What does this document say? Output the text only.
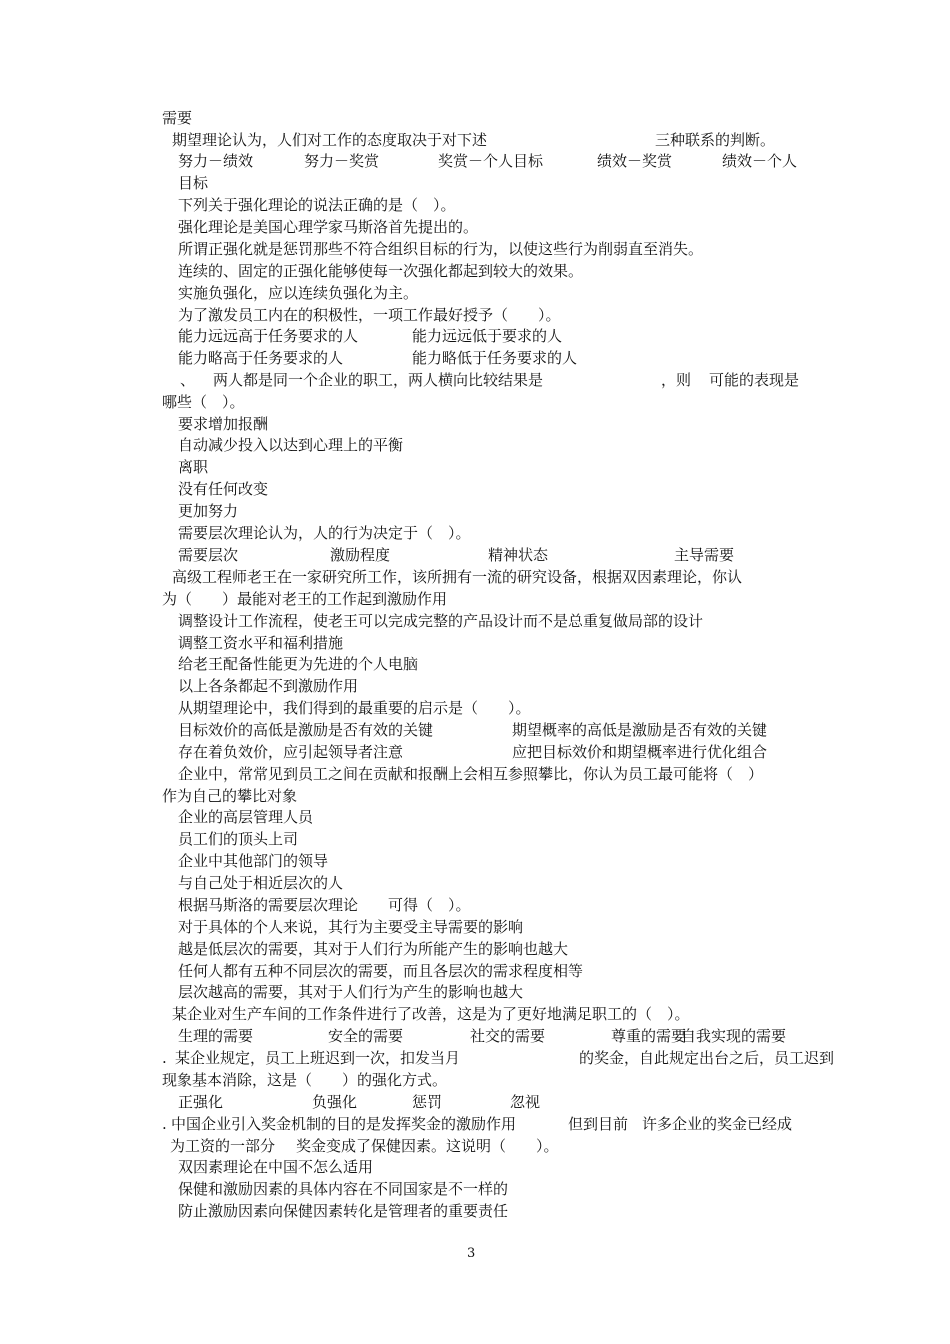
需要
期望理论认为，人们对工作的态度取决于对下述	三种联系的判断。
努力－绩效	努力－奖赏	奖赏－个人目标	绩效－奖赏	绩效－个人
目标
下列关于强化理论的说法正确的是（　）。
强化理论是美国心理学家马斯洛首先提出的。
所谓正强化就是惩罚那些不符合组织目标的行为，以使这些行为削弱直至消失。
连续的、固定的正强化能够使每一次强化都起到较大的效果。
实施负强化，应以连续负强化为主。
为了激发员工内在的积极性，一项工作最好授予（　　）。
能力远远高于任务要求的人	能力远远低于要求的人
能力略高于任务要求的人	能力略低于任务要求的人
、 两人都是同一个企业的职工，两人横向比较结果是	，则 可能的表现是
哪些（　）。
要求增加报酬
自动减少投入以达到心理上的平衡
离职
没有任何改变
更加努力
需要层次理论认为，人的行为决定于（　）。
需要层次	激励程度	精神状态	主导需要
高级工程师老王在一家研究所工作，该所拥有一流的研究设备，根据双因素理论，你认
为（　　）最能对老王的工作起到激励作用
调整设计工作流程，使老王可以完成完整的产品设计而不是总重复做局部的设计
调整工资水平和福利措施
给老王配备性能更为先进的个人电脑
以上各条都起不到激励作用
从期望理论中，我们得到的最重要的启示是（　　）。
目标效价的高低是激励是否有效的关键	期望概率的高低是激励是否有效的关键
存在着负效价，应引起领导者注意	应把目标效价和期望概率进行优化组合
企业中，常常见到员工之间在贡献和报酬上会相互参照攀比，你认为员工最可能将（　）
作为自己的攀比对象
企业的高层管理人员
员工们的顶头上司
企业中其他部门的领导
与自己处于相近层次的人
根据马斯洛的需要层次理论 可得（　）。
对于具体的个人来说，其行为主要受主导需要的影响
越是低层次的需要，其对于人们行为所能产生的影响也越大
任何人都有五种不同层次的需要，而且各层次的需求程度相等
层次越高的需要，其对于人们行为产生的影响也越大
某企业对生产车间的工作条件进行了改善，这是为了更好地满足职工的（　）。
生理的需要	安全的需要	社交的需要	尊重的需要
自我实现的需要
. 某企业规定，员工上班迟到一次，扣发当月	的奖金，自此规定出台之后，员工迟到
现象基本消除，这是（　　）的强化方式。
正强化	负强化	惩罚	忽视
. 中国企业引入奖金机制的目的是发挥奖金的激励作用	但到目前 许多企业的奖金已经成
为工资的一部分 奖金变成了保健因素。这说明（　　）。
双因素理论在中国不怎么适用
保健和激励因素的具体内容在不同国家是不一样的
防止激励因素向保健因素转化是管理者的重要责任
3
